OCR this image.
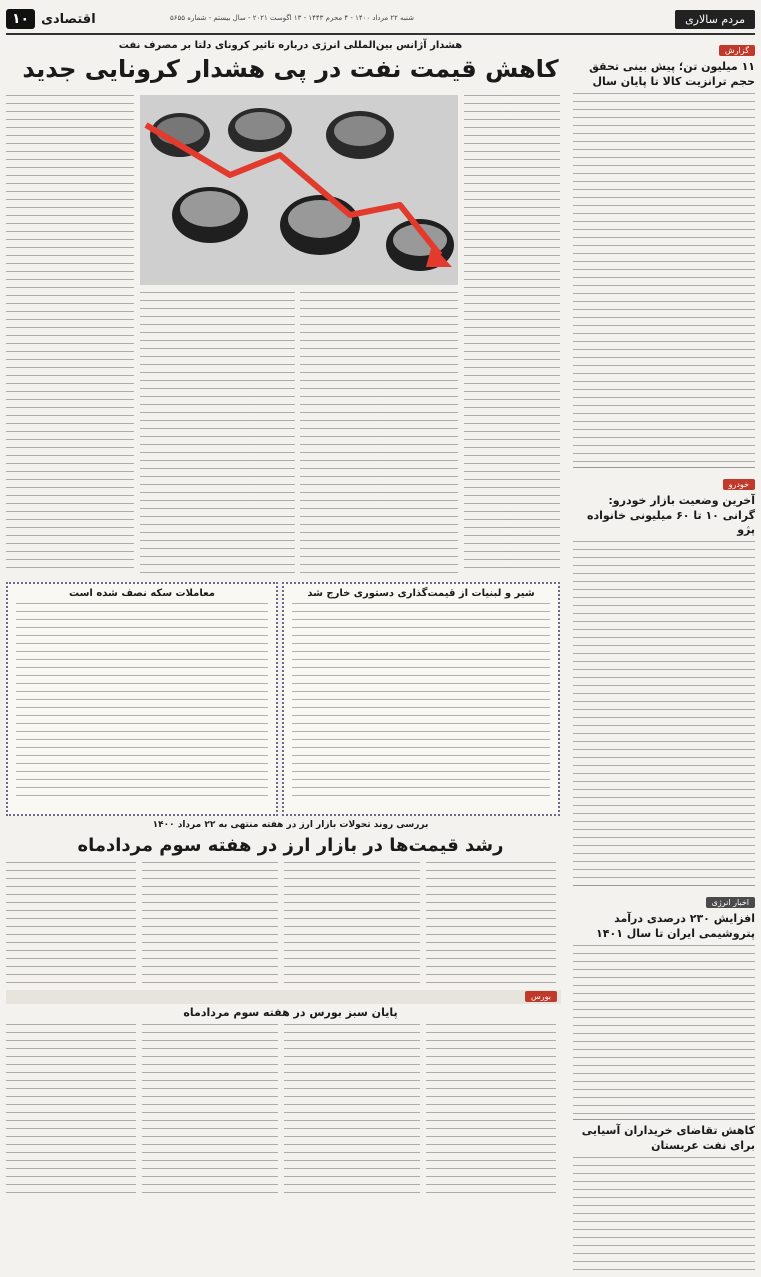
مردم سالاری
اقتصادی
۱۰	شنبه ۲۲ مرداد ۱۴۰۰ - ۴ محرم ۱۴۴۳ - ۱۳ اگوست ۲۰۲۱ - سال بیستم - شماره ۵۶۵۵
گزارش
۱۱ میلیون تن؛ پیش بینی تحقق حجم ترانزیت کالا تا پایان سال
خودرو
آخرین وضعیت بازار خودرو: گرانی ۱۰ تا ۶۰ میلیونی خانواده پژو
اخبار انرژی
افزایش ۲۳۰ درصدی درآمد پتروشیمی ایران تا سال ۱۴۰۱
کاهش تقاضای خریداران آسیایی برای نفت عربستان
هشدار آژانس بین‌المللی انرژی درباره تاثیر کرونای دلتا بر مصرف نفت
کاهش قیمت نفت در پی هشدار کرونایی جدید
معاملات سکه نصف شده است	شیر و لبنیات از قیمت‌گذاری دستوری خارج شد
بررسی روند تحولات بازار ارز در هفته منتهی به ۲۲ مرداد ۱۴۰۰
رشد قیمت‌ها در بازار ارز در هفته سوم مردادماه
بورس
پایان سبز بورس در هفته سوم مردادماه
